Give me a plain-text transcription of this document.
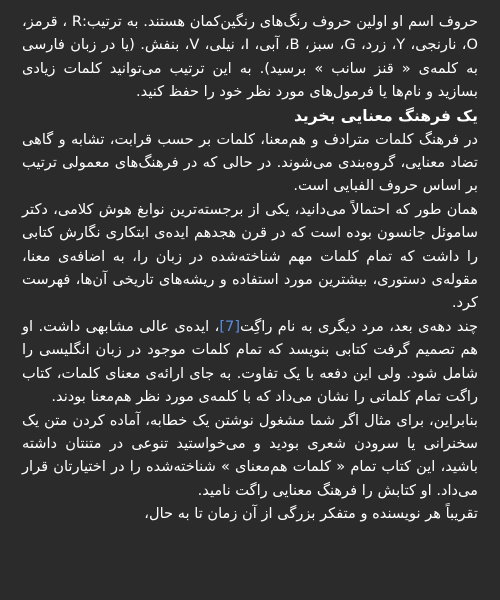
حروف اسم او اولین حروف رنگ‌های رنگین‌کمان هستند. به ترتیب:R ، قرمز، O، نارنجی، Y، زرد، G، سبز، B، آبی، I، نیلی، V، بنفش. (یا در زبان فارسی به کلمه‌ی « قنز سانب » برسید). به این ترتیب می‌توانید کلمات زیادی بسازید و نام‌ها یا فرمول‌های مورد نظر خود را حفظ کنید.

یک فرهنگ معنایی بخرید

در فرهنگ کلمات مترادف و هم‌معنا، کلمات بر حسب قرابت، تشابه و گاهی تضاد معنایی، گروه‌بندی می‌شوند. در حالی که در فرهنگ‌های معمولی ترتیب بر اساس حروف الفبایی است.

همان طور که احتمالاً می‌دانید، یکی از برجسته‌ترین نوابغ هوش کلامی، دکتر ساموئل جانسون بوده است که در قرن هجدهم ایده‌ی ابتکاری نگارش کتابی را داشت که تمام کلمات مهم شناخته‌شده در زبان را، به اضافه‌ی معنا، مقوله‌ی دستوری، بیشترین مورد استفاده و ریشه‌های تاریخی آن‌ها، فهرست کرد.

چند دهه‌ی بعد، مرد دیگری به نام راگِت[7]، ایده‌ی عالی مشابهی داشت. او هم تصمیم گرفت کتابی بنویسد که تمام کلمات موجود در زبان انگلیسی را شامل شود. ولی این دفعه با یک تفاوت. به جای ارائه‌ی معنای کلمات، کتاب راگت تمام کلماتی را نشان می‌داد که با کلمه‌ی مورد نظر هم‌معنا بودند.

بنابراین، برای مثال اگر شما مشغول نوشتن یک خطابه، آماده کردن متن یک سخنرانی یا سرودن شعری بودید و می‌خواستید تنوعی در متنتان داشته باشید، این کتاب تمام « کلمات هم‌معنای » شناخته‌شده را در اختیارتان قرار می‌داد. او کتابش را فرهنگ معنایی راگت نامید.

تقریباً هر نویسنده و متفکر بزرگی از آن زمان تا به حال،
